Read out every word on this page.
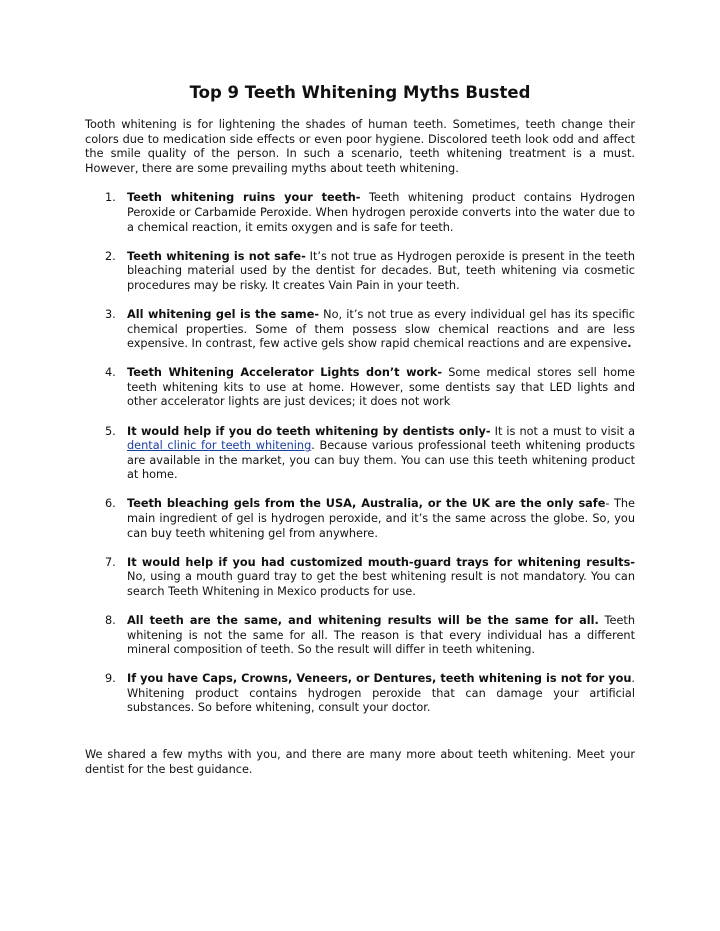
Top 9 Teeth Whitening Myths Busted

Tooth whitening is for lightening the shades of human teeth. Sometimes, teeth change their colors due to medication side effects or even poor hygiene. Discolored teeth look odd and affect the smile quality of the person. In such a scenario, teeth whitening treatment is a must. However, there are some prevailing myths about teeth whitening.

1. Teeth whitening ruins your teeth- Teeth whitening product contains Hydrogen Peroxide or Carbamide Peroxide. When hydrogen peroxide converts into the water due to a chemical reaction, it emits oxygen and is safe for teeth.
2. Teeth whitening is not safe- It’s not true as Hydrogen peroxide is present in the teeth bleaching material used by the dentist for decades. But, teeth whitening via cosmetic procedures may be risky. It creates Vain Pain in your teeth.
3. All whitening gel is the same- No, it’s not true as every individual gel has its specific chemical properties. Some of them possess slow chemical reactions and are less expensive. In contrast, few active gels show rapid chemical reactions and are expensive.
4. Teeth Whitening Accelerator Lights don’t work- Some medical stores sell home teeth whitening kits to use at home. However, some dentists say that LED lights and other accelerator lights are just devices; it does not work
5. It would help if you do teeth whitening by dentists only- It is not a must to visit a dental clinic for teeth whitening. Because various professional teeth whitening products are available in the market, you can buy them. You can use this teeth whitening product at home.
6. Teeth bleaching gels from the USA, Australia, or the UK are the only safe- The main ingredient of gel is hydrogen peroxide, and it’s the same across the globe. So, you can buy teeth whitening gel from anywhere.
7. It would help if you had customized mouth-guard trays for whitening results- No, using a mouth guard tray to get the best whitening result is not mandatory. You can search Teeth Whitening in Mexico products for use.
8. All teeth are the same, and whitening results will be the same for all. Teeth whitening is not the same for all. The reason is that every individual has a different mineral composition of teeth. So the result will differ in teeth whitening.
9. If you have Caps, Crowns, Veneers, or Dentures, teeth whitening is not for you. Whitening product contains hydrogen peroxide that can damage your artificial substances. So before whitening, consult your doctor.

We shared a few myths with you, and there are many more about teeth whitening. Meet your dentist for the best guidance.
